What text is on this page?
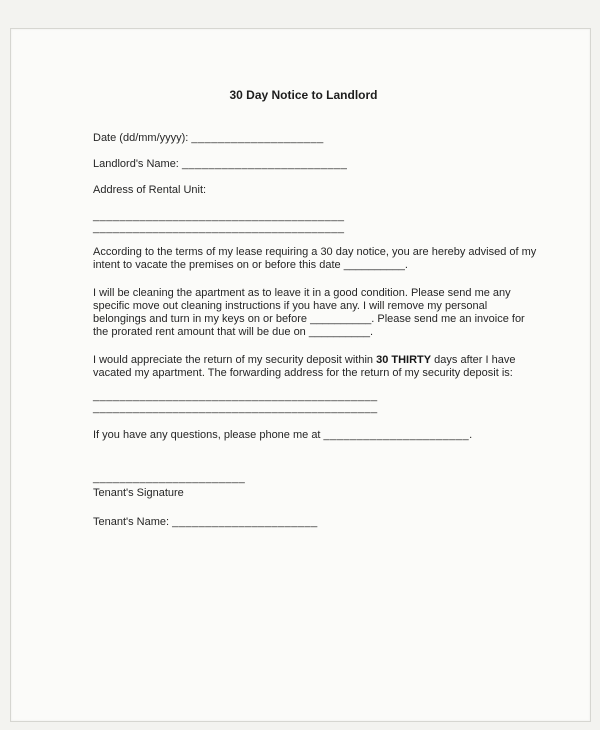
30 Day Notice to Landlord
Date (dd/mm/yyyy): ____________________
Landlord's Name: _________________________
Address of Rental Unit:
______________________________________
______________________________________

According to the terms of my lease requiring a 30 day notice, you are hereby advised of my intent to vacate the premises on or before this date __________.

I will be cleaning the apartment as to leave it in a good condition. Please send me any specific move out cleaning instructions if you have any. I will remove my personal belongings and turn in my keys on or before __________. Please send me an invoice for the prorated rent amount that will be due on __________.

I would appreciate the return of my security deposit within 30 THIRTY days after I have vacated my apartment. The forwarding address for the return of my security deposit is:

___________________________________________
___________________________________________
If you have any questions, please phone me at ______________________.
_______________________
Tenant's Signature
Tenant's Name: ______________________
